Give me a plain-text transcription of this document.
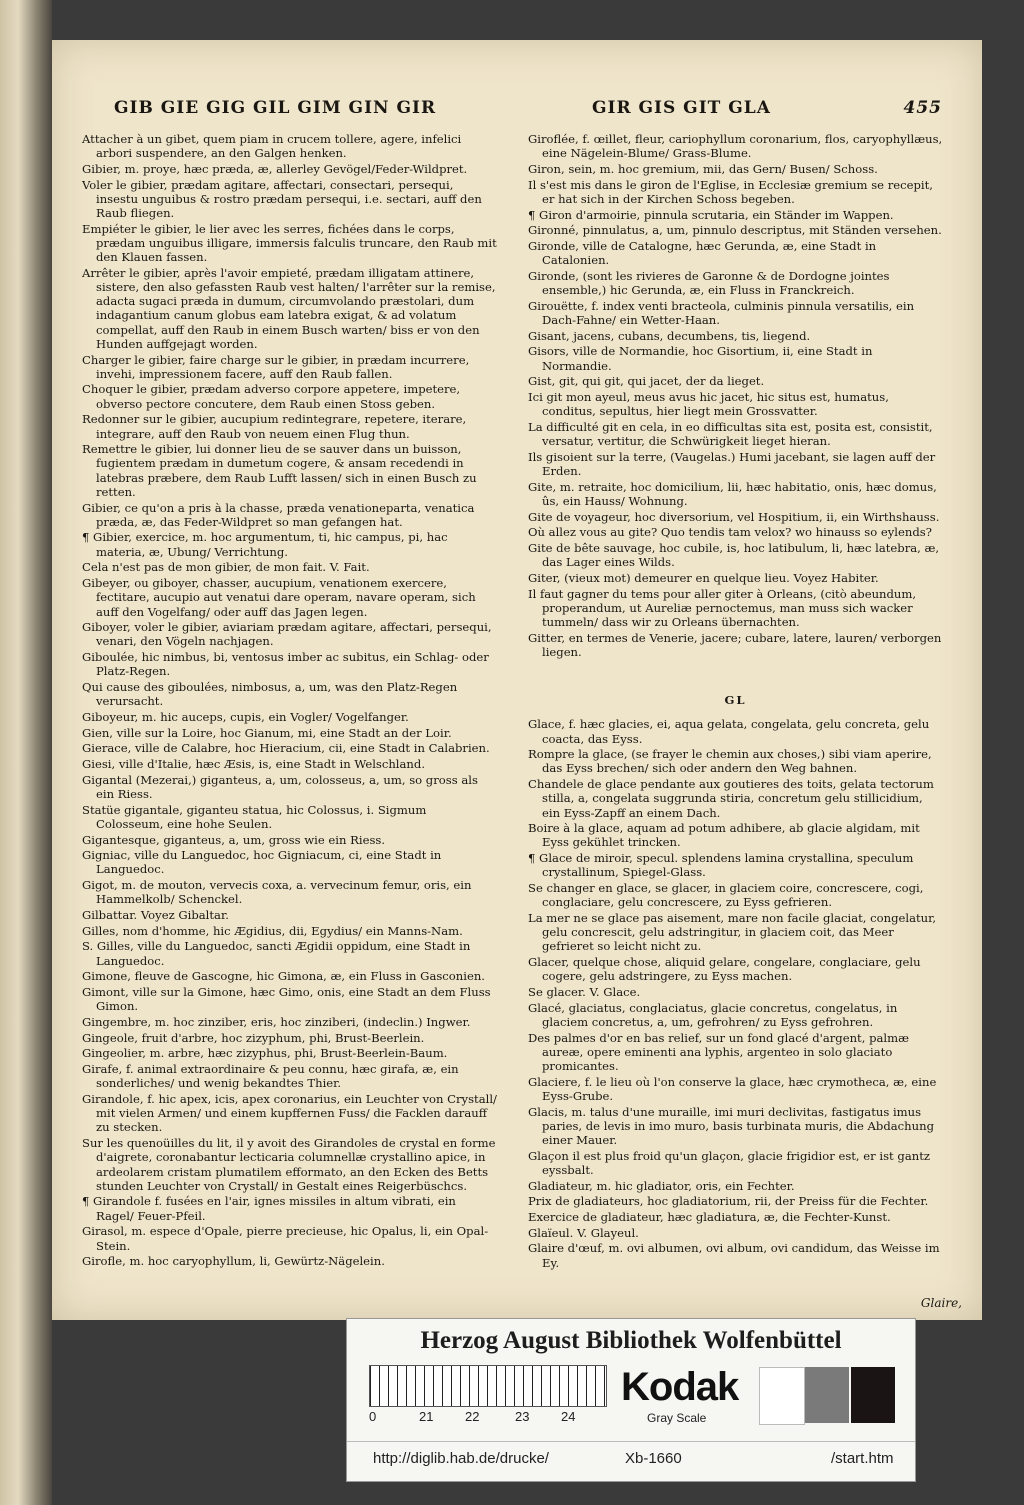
GIB GIE GIG GIL GIM GIN GIR	GIR GIS GIT GLA	455
Attacher à un gibet, quem piam in crucem tollere, agere, infelici arbori suspendere, an den Galgen henken.
Gibier, m. proye, hæc præda, æ, allerley Gevögel/Feder-Wildpret.
Voler le gibier, prædam agitare, affectari, consectari, persequi, insestu unguibus & rostro prædam persequi, i.e. sectari, auff den Raub fliegen.
Empiéter le gibier, le lier avec les serres, fichées dans le corps, prædam unguibus illigare, immersis falculis truncare, den Raub mit den Klauen fassen.
Arrêter le gibier, après l'avoir empieté, prædam illigatam attinere, sistere, den also gefassten Raub vest halten/ l'arrêter sur la remise, adacta sugaci præda in dumum, circumvolando præstolari, dum indagantium canum globus eam latebra exigat, & ad volatum compellat, auff den Raub in einem Busch warten/ biss er von den Hunden auffgejagt worden.
Charger le gibier, faire charge sur le gibier, in prædam incurrere, invehi, impressionem facere, auff den Raub fallen.
Choquer le gibier, prædam adverso corpore appetere, impetere, obverso pectore concutere, dem Raub einen Stoss geben.
Redonner sur le gibier, aucupium redintegrare, repetere, iterare, integrare, auff den Raub von neuem einen Flug thun.
Remettre le gibier, lui donner lieu de se sauver dans un buisson, fugientem prædam in dumetum cogere, & ansam recedendi in latebras præbere, dem Raub Lufft lassen/ sich in einen Busch zu retten.
Gibier, ce qu'on a pris à la chasse, præda venationeparta, venatica præda, æ, das Feder-Wildpret so man gefangen hat.
¶ Gibier, exercice, m. hoc argumentum, ti, hic campus, pi, hac materia, æ, Ubung/ Verrichtung.
Cela n'est pas de mon gibier, de mon fait. V. Fait.
Gibeyer, ou giboyer, chasser, aucupium, venationem exercere, fectitare, aucupio aut venatui dare operam, navare operam, sich auff den Vogelfang/ oder auff das Jagen legen.
Giboyer, voler le gibier, aviariam prædam agitare, affectari, persequi, venari, den Vögeln nachjagen.
Giboulée, hic nimbus, bi, ventosus imber ac subitus, ein Schlag- oder Platz-Regen.
Qui cause des giboulées, nimbosus, a, um, was den Platz-Regen verursacht.
Giboyeur, m. hic auceps, cupis, ein Vogler/ Vogelfanger.
Gien, ville sur la Loire, hoc Gianum, mi, eine Stadt an der Loir.
Gierace, ville de Calabre, hoc Hieracium, cii, eine Stadt in Calabrien.
Giesi, ville d'Italie, hæc Æsis, is, eine Stadt in Welschland.
Gigantal (Mezerai,) giganteus, a, um, colosseus, a, um, so gross als ein Riess.
Statüe gigantale, giganteu statua, hic Colossus, i. Sigmum Colosseum, eine hohe Seulen.
Gigantesque, giganteus, a, um, gross wie ein Riess.
Gigniac, ville du Languedoc, hoc Gigniacum, ci, eine Stadt in Languedoc.
Gigot, m. de mouton, vervecis coxa, a. vervecinum femur, oris, ein Hammelkolb/ Schenckel.
Gilbattar. Voyez Gibaltar.
Gilles, nom d'homme, hic Ægidius, dii, Egydius/ ein Manns-Nam.
S. Gilles, ville du Languedoc, sancti Ægidii oppidum, eine Stadt in Languedoc.
Gimone, fleuve de Gascogne, hic Gimona, æ, ein Fluss in Gasconien.
Gimont, ville sur la Gimone, hæc Gimo, onis, eine Stadt an dem Fluss Gimon.
Gingembre, m. hoc zinziber, eris, hoc zinziberi, (indeclin.) Ingwer.
Gingeole, fruit d'arbre, hoc zizyphum, phi, Brust-Beerlein.
Gingeolier, m. arbre, hæc zizyphus, phi, Brust-Beerlein-Baum.
Girafe, f. animal extraordinaire & peu connu, hæc girafa, æ, ein sonderliches/ und wenig bekandtes Thier.
Girandole, f. hic apex, icis, apex coronarius, ein Leuchter von Crystall/ mit vielen Armen/ und einem kupffernen Fuss/ die Facklen darauff zu stecken.
Sur les quenoüilles du lit, il y avoit des Girandoles de crystal en forme d'aigrete, coronabantur lecticaria columnellæ crystallino apice, in ardeolarem cristam plumatilem efformato, an den Ecken des Betts stunden Leuchter von Crystall/ in Gestalt eines Reigerbüschcs.
¶ Girandole f. fusées en l'air, ignes missiles in altum vibrati, ein Ragel/ Feuer-Pfeil.
Girasol, m. espece d'Opale, pierre precieuse, hic Opalus, li, ein Opal-Stein.
Girofle, m. hoc caryophyllum, li, Gewürtz-Nägelein.
Giroflée, f. œillet, fleur, cariophyllum coronarium, flos, caryophyllæus, eine Nägelein-Blume/ Grass-Blume.
Giron, sein, m. hoc gremium, mii, das Gern/ Busen/ Schoss.
Il s'est mis dans le giron de l'Eglise, in Ecclesiæ gremium se recepit, er hat sich in der Kirchen Schoss begeben.
¶ Giron d'armoirie, pinnula scrutaria, ein Ständer im Wappen.
Gironné, pinnulatus, a, um, pinnulo descriptus, mit Ständen versehen.
Gironde, ville de Catalogne, hæc Gerunda, æ, eine Stadt in Catalonien.
Gironde, (sont les rivieres de Garonne & de Dordogne jointes ensemble,) hic Gerunda, æ, ein Fluss in Franckreich.
Girouëtte, f. index venti bracteola, culminis pinnula versatilis, ein Dach-Fahne/ ein Wetter-Haan.
Gisant, jacens, cubans, decumbens, tis, liegend.
Gisors, ville de Normandie, hoc Gisortium, ii, eine Stadt in Normandie.
Gist, git, qui git, qui jacet, der da lieget.
Ici git mon ayeul, meus avus hic jacet, hic situs est, humatus, conditus, sepultus, hier liegt mein Grossvatter.
La difficulté git en cela, in eo difficultas sita est, posita est, consistit, versatur, vertitur, die Schwürigkeit lieget hieran.
Ils gisoient sur la terre, (Vaugelas.) Humi jacebant, sie lagen auff der Erden.
Gite, m. retraite, hoc domicilium, lii, hæc habitatio, onis, hæc domus, ûs, ein Hauss/ Wohnung.
Gite de voyageur, hoc diversorium, vel Hospitium, ii, ein Wirthshauss.
Où allez vous au gite? Quo tendis tam velox? wo hinauss so eylends?
Gite de bête sauvage, hoc cubile, is, hoc latibulum, li, hæc latebra, æ, das Lager eines Wilds.
Giter, (vieux mot) demeurer en quelque lieu. Voyez Habiter.
Il faut gagner du tems pour aller giter à Orleans, (citò abeundum, properandum, ut Aureliæ pernoctemus, man muss sich wacker tummeln/ dass wir zu Orleans übernachten.
Gitter, en termes de Venerie, jacere; cubare, latere, lauren/ verborgen liegen.
GL
Glace, f. hæc glacies, ei, aqua gelata, congelata, gelu concreta, gelu coacta, das Eyss.
Rompre la glace, (se frayer le chemin aux choses,) sibi viam aperire, das Eyss brechen/ sich oder andern den Weg bahnen.
Chandele de glace pendante aux goutieres des toits, gelata tectorum stilla, a, congelata suggrunda stiria, concretum gelu stillicidium, ein Eyss-Zapff an einem Dach.
Boire à la glace, aquam ad potum adhibere, ab glacie algidam, mit Eyss gekühlet trincken.
¶ Glace de miroir, specul. splendens lamina crystallina, speculum crystallinum, Spiegel-Glass.
Se changer en glace, se glacer, in glaciem coire, concrescere, cogi, conglaciare, gelu concrescere, zu Eyss gefrieren.
La mer ne se glace pas aisement, mare non facile glaciat, congelatur, gelu concrescit, gelu adstringitur, in glaciem coit, das Meer gefrieret so leicht nicht zu.
Glacer, quelque chose, aliquid gelare, congelare, conglaciare, gelu cogere, gelu adstringere, zu Eyss machen.
Se glacer. V. Glace.
Glacé, glaciatus, conglaciatus, glacie concretus, congelatus, in glaciem concretus, a, um, gefrohren/ zu Eyss gefrohren.
Des palmes d'or en bas relief, sur un fond glacé d'argent, palmæ aureæ, opere eminenti ana lyphis, argenteo in solo glaciato promicantes.
Glaciere, f. le lieu où l'on conserve la glace, hæc crymotheca, æ, eine Eyss-Grube.
Glacis, m. talus d'une muraille, imi muri declivitas, fastigatus imus paries, de levis in imo muro, basis turbinata muris, die Abdachung einer Mauer.
Glaçon il est plus froid qu'un glaçon, glacie frigidior est, er ist gantz eyssbalt.
Gladiateur, m. hic gladiator, oris, ein Fechter.
Prix de gladiateurs, hoc gladiatorium, rii, der Preiss für die Fechter.
Exercice de gladiateur, hæc gladiatura, æ, die Fechter-Kunst.
Glaïeul. V. Glayeul.
Glaire d'œuf, m. ovi albumen, ovi album, ovi candidum, das Weisse im Ey.
Glaire,
Herzog August Bibliothek Wolfenbüttel
0	21 22	23 24
Kodak
Gray Scale
http://diglib.hab.de/drucke/	Xb-1660	/start.htm
